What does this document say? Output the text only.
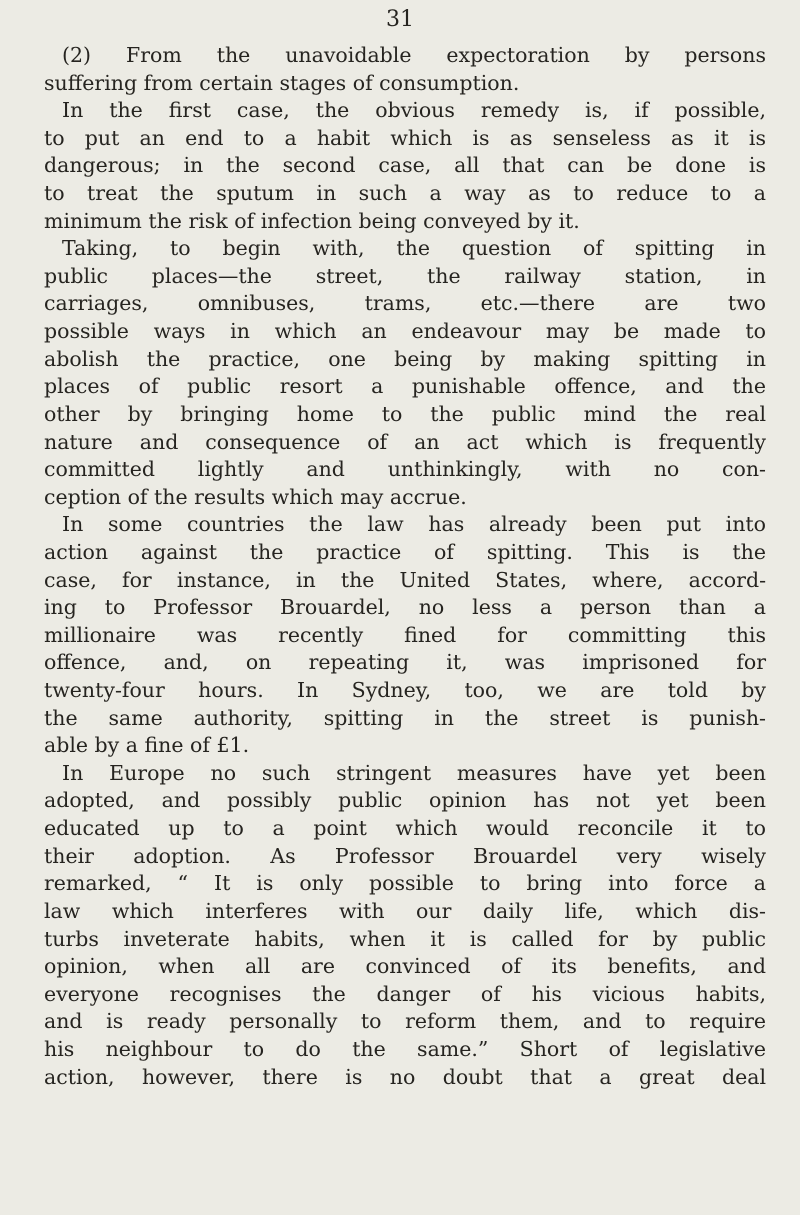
31
(2) From the unavoidable expectoration by persons
suffering from certain stages of consumption.
In the first case, the obvious remedy is, if possible,
to put an end to a habit which is as senseless as it is
dangerous; in the second case, all that can be done is
to treat the sputum in such a way as to reduce to a
minimum the risk of infection being conveyed by it.
Taking, to begin with, the question of spitting in
public places—the street, the railway station, in
carriages, omnibuses, trams, etc.—there are two
possible ways in which an endeavour may be made to
abolish the practice, one being by making spitting in
places of public resort a punishable offence, and the
other by bringing home to the public mind the real
nature and consequence of an act which is frequently
committed lightly and unthinkingly, with no con-
ception of the results which may accrue.
In some countries the law has already been put into
action against the practice of spitting. This is the
case, for instance, in the United States, where, accord-
ing to Professor Brouardel, no less a person than a
millionaire was recently fined for committing this
offence, and, on repeating it, was imprisoned for
twenty-four hours. In Sydney, too, we are told by
the same authority, spitting in the street is punish-
able by a fine of £1.
In Europe no such stringent measures have yet been
adopted, and possibly public opinion has not yet been
educated up to a point which would reconcile it to
their adoption. As Professor Brouardel very wisely
remarked, “ It is only possible to bring into force a
law which interferes with our daily life, which dis-
turbs inveterate habits, when it is called for by public
opinion, when all are convinced of its benefits, and
everyone recognises the danger of his vicious habits,
and is ready personally to reform them, and to require
his neighbour to do the same.” Short of legislative
action, however, there is no doubt that a great deal
